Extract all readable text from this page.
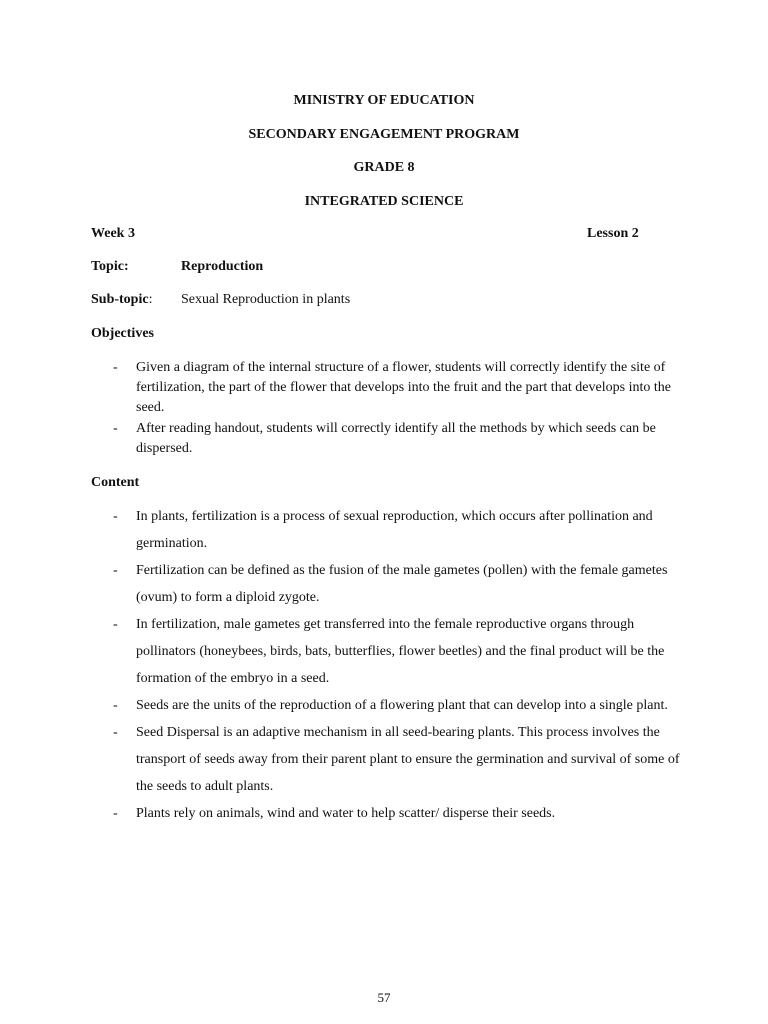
MINISTRY OF EDUCATION
SECONDARY ENGAGEMENT PROGRAM
GRADE 8
INTEGRATED SCIENCE
Week 3	Lesson 2
Topic:	Reproduction
Sub-topic: Sexual Reproduction in plants
Objectives
- Given a diagram of the internal structure of a flower, students will correctly identify the site of fertilization, the part of the flower that develops into the fruit and the part that develops into the seed.
- After reading handout, students will correctly identify all the methods by which seeds can be dispersed.
Content
- In plants, fertilization is a process of sexual reproduction, which occurs after pollination and germination.
- Fertilization can be defined as the fusion of the male gametes (pollen) with the female gametes (ovum) to form a diploid zygote.
- In fertilization, male gametes get transferred into the female reproductive organs through pollinators (honeybees, birds, bats, butterflies, flower beetles) and the final product will be the formation of the embryo in a seed.
- Seeds are the units of the reproduction of a flowering plant that can develop into a single plant.
- Seed Dispersal is an adaptive mechanism in all seed-bearing plants. This process involves the transport of seeds away from their parent plant to ensure the germination and survival of some of the seeds to adult plants.
- Plants rely on animals, wind and water to help scatter/ disperse their seeds.
57
